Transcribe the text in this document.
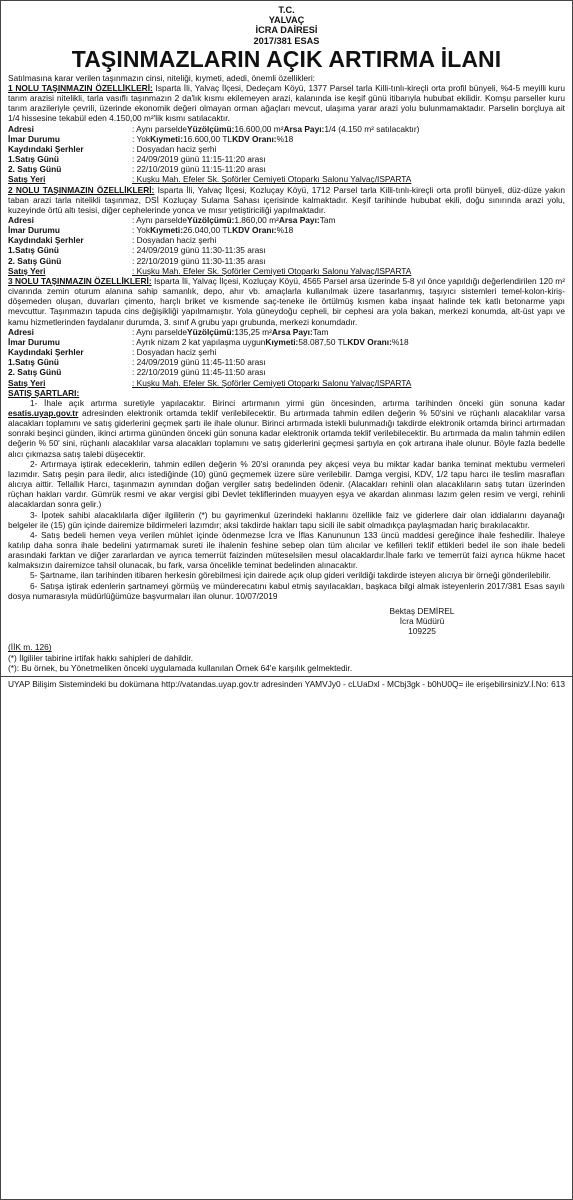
T.C.
YALVAÇ
İCRA DAİRESİ
2017/381 ESAS
TAŞINMAZLARIN AÇIK ARTIRMA İLANI

Satılmasına karar verilen taşınmazın cinsi, niteliği, kıymeti, adedi, önemli özellikleri:

1 NOLU TAŞINMAZIN ÖZELLİKLERİ: Isparta İli, Yalvaç İlçesi, Dedeçam Köyü, 1377 Parsel tarla Killi-tınlı-kireçli orta profil bünyeli, %4-5 meyilli kuru tarım arazisi nitelikli, tarla vasıflı taşınmazın 2 da'lık kısmı ekilemeyen arazi, kalanında ise keşif günü itibarıyla hububat ekilidir. Komşu parseller kuru tarım arazileriyle çevrili, üzerinde ekonomik değeri olmayan orman ağaçları mevcut, ulaşıma yarar arazi yolu bulunmamaktadır. Parselin borçluya ait 1/4 hissesine tekabül eden 4.150,00 m²'lik kısmı satılacaktır.

Adresi	: Aynı parselde Yüzölçümü: 16.600,00 m² Arsa Payı: 1/4 (4.150 m² satılacaktır)
İmar Durumu	: Yok Kıymeti: 16.600,00 TL KDV Oranı: %18
Kaydındaki Şerhler	: Dosyadan haciz şerhi
1.Satış Günü	: 24/09/2019 günü 11:15-11:20 arası
2. Satış Günü	: 22/10/2019 günü 11:15-11:20 arası
Satış Yeri	: Kuşku Mah. Efeler Sk. Şoförler Cemiyeti Otoparkı Salonu Yalvaç/ISPARTA

2 NOLU TAŞINMAZIN ÖZELLİKLERİ: Isparta İli, Yalvaç İlçesi, Kozluçay Köyü, 1712 Parsel tarla Killi-tınlı-kireçli orta profil bünyeli, düz-düze yakın taban arazi tarla nitelikli taşınmaz, DSİ Kozluçay Sulama Sahası içerisinde kalmaktadır. Keşif tarihinde hububat ekili, doğu sınırında arazi yolu, kuzeyinde örtü altı tesisi, diğer cephelerinde yonca ve mısır yetiştiriciliği yapılmaktadır.

Adresi	: Aynı parselde Yüzölçümü: 1.860,00 m² Arsa Payı: Tam
İmar Durumu	: Yok Kıymeti: 26.040,00 TL KDV Oranı: %18
Kaydındaki Şerhler	: Dosyadan haciz şerhi
1.Satış Günü	: 24/09/2019 günü 11:30-11:35 arası
2. Satış Günü	: 22/10/2019 günü 11:30-11:35 arası
Satış Yeri	: Kuşku Mah. Efeler Sk. Şoförler Cemiyeti Otoparkı Salonu Yalvaç/ISPARTA

3 NOLU TAŞINMAZIN ÖZELLİKLERİ: Isparta İli, Yalvaç İlçesi, Kozluçay Köyü, 4565 Parsel arsa üzerinde 5-8 yıl önce yapıldığı değerlendirilen 120 m² civarında zemin oturum alanına sahip samanlık, depo, ahır vb. amaçlarla kullanılmak üzere tasarlanmış, taşıyıcı sistemleri temel-kolon-kiriş-döşemeden oluşan, duvarları çimento, harçlı briket ve kısmende saç-teneke ile örtülmüş kısmen kaba inşaat halinde tek katlı betonarme yapı mevcuttur. Taşınmazın tapuda cins değişikliği yapılmamıştır. Yola güneydoğu cepheli, bir cephesi ara yola bakan, merkezi konumda, alt-üst yapı ve kamu hizmetlerinden faydalanır durumda, 3. sınıf A grubu yapı grubunda, merkezi konumdadır.

Adresi	: Aynı parselde Yüzölçümü: 135,25 m² Arsa Payı: Tam
İmar Durumu	: Ayrık nizam 2 kat yapılaşma uygun Kıymeti: 58.087,50 TL KDV Oranı: %18
Kaydındaki Şerhler	: Dosyadan haciz şerhi
1.Satış Günü	: 24/09/2019 günü 11:45-11:50 arası
2. Satış Günü	: 22/10/2019 günü 11:45-11:50 arası
Satış Yeri	: Kuşku Mah. Efeler Sk. Şoförler Cemiyeti Otoparkı Salonu Yalvaç/ISPARTA

SATIŞ ŞARTLARI:

1- İhale açık artırma suretiyle yapılacaktır. Birinci artırmanın yirmi gün öncesinden, artırma tarihinden önceki gün sonuna kadar esatis.uyap.gov.tr adresinden elektronik ortamda teklif verilebilecektir. Bu artırmada tahmin edilen değerin % 50'sini ve rüçhanlı alacaklılar varsa alacakları toplamını ve satış giderlerini geçmek şartı ile ihale olunur. Birinci artırmada istekli bulunmadığı takdirde elektronik ortamda birinci artırmadan sonraki beşinci günden, ikinci artırma gününden önceki gün sonuna kadar elektronik ortamda teklif verilebilecektir. Bu artırmada da malın tahmin edilen değerin % 50' sini, rüçhanlı alacaklılar varsa alacakları toplamını ve satış giderlerini geçmesi şartıyla en çok artırana ihale olunur. Böyle fazla bedelle alıcı çıkmazsa satış talebi düşecektir.

2- Artırmaya iştirak edeceklerin, tahmin edilen değerin % 20'si oranında pey akçesi veya bu miktar kadar banka teminat mektubu vermeleri lazımdır. Satış peşin para iledir, alıcı istediğinde (10) günü geçmemek üzere süre verilebilir. Damga vergisi, KDV, 1/2 tapu harcı ile teslim masrafları alıcıya aittir. Tellallık Harcı, taşınmazın aynından doğan vergiler satış bedelinden ödenir. (Alacakları rehinli olan alacaklıların satış tutarı üzerinden rüçhan hakları vardır. Gümrük resmi ve akar vergisi gibi Devlet tekliflerinden muayyen eşya ve akardan alınması lazım gelen resim ve vergi, rehinli alacaklardan sonra gelir.)

3- İpotek sahibi alacaklılarla diğer ilgililerin (*) bu gayrimenkul üzerindeki haklarını özellikle faiz ve giderlere dair olan iddialarını dayanağı belgeler ile (15) gün içinde dairemize bildirmeleri lazımdır; aksi takdirde hakları tapu sicili ile sabit olmadıkça paylaşmadan hariç bırakılacaktır.

4- Satış bedeli hemen veya verilen mühlet içinde ödenmezse İcra ve İflas Kanununun 133 üncü maddesi gereğince ihale feshedilir. İhaleye katılıp daha sonra ihale bedelini yatırmamak sureti ile ihalenin feshine sebep olan tüm alıcılar ve kefilleri teklif ettikleri bedel ile son ihale bedeli arasındaki farktan ve diğer zararlardan ve ayrıca temerrüt faizinden müteselsilen mesul olacaklardır.İhale farkı ve temerrüt faizi ayrıca hükme hacet kalmaksızın dairemizce tahsil olunacak, bu fark, varsa öncelikle teminat bedelinden alınacaktır.

5- Şartname, ilan tarihinden itibaren herkesin görebilmesi için dairede açık olup gideri verildiği takdirde isteyen alıcıya bir örneği gönderilebilir.

6- Satışa iştirak edenlerin şartnameyi görmüş ve münderecatını kabul etmiş sayılacakları, başkaca bilgi almak isteyenlerin 2017/381 Esas sayılı dosya numarasıyla müdürlüğümüze başvurmaları ilan olunur. 10/07/2019

Bektaş DEMİREL
İcra Müdürü
109225

(İİK m. 126)

(*) İlgililer tabirine irtifak hakkı sahipleri de dahildir.

(*): Bu örnek, bu Yönetmeliken önceki uygulamada kullanılan Örnek 64'e karşılık gelmektedir.

UYAP Bilişim Sistemindeki bu dokümana http://vatandas.uyap.gov.tr adresinden YAMVJy0 - cLUaDxl - MCbj3gk - b0hU0Q= ile erişebilirsiniz.

V.İ.No: 613
